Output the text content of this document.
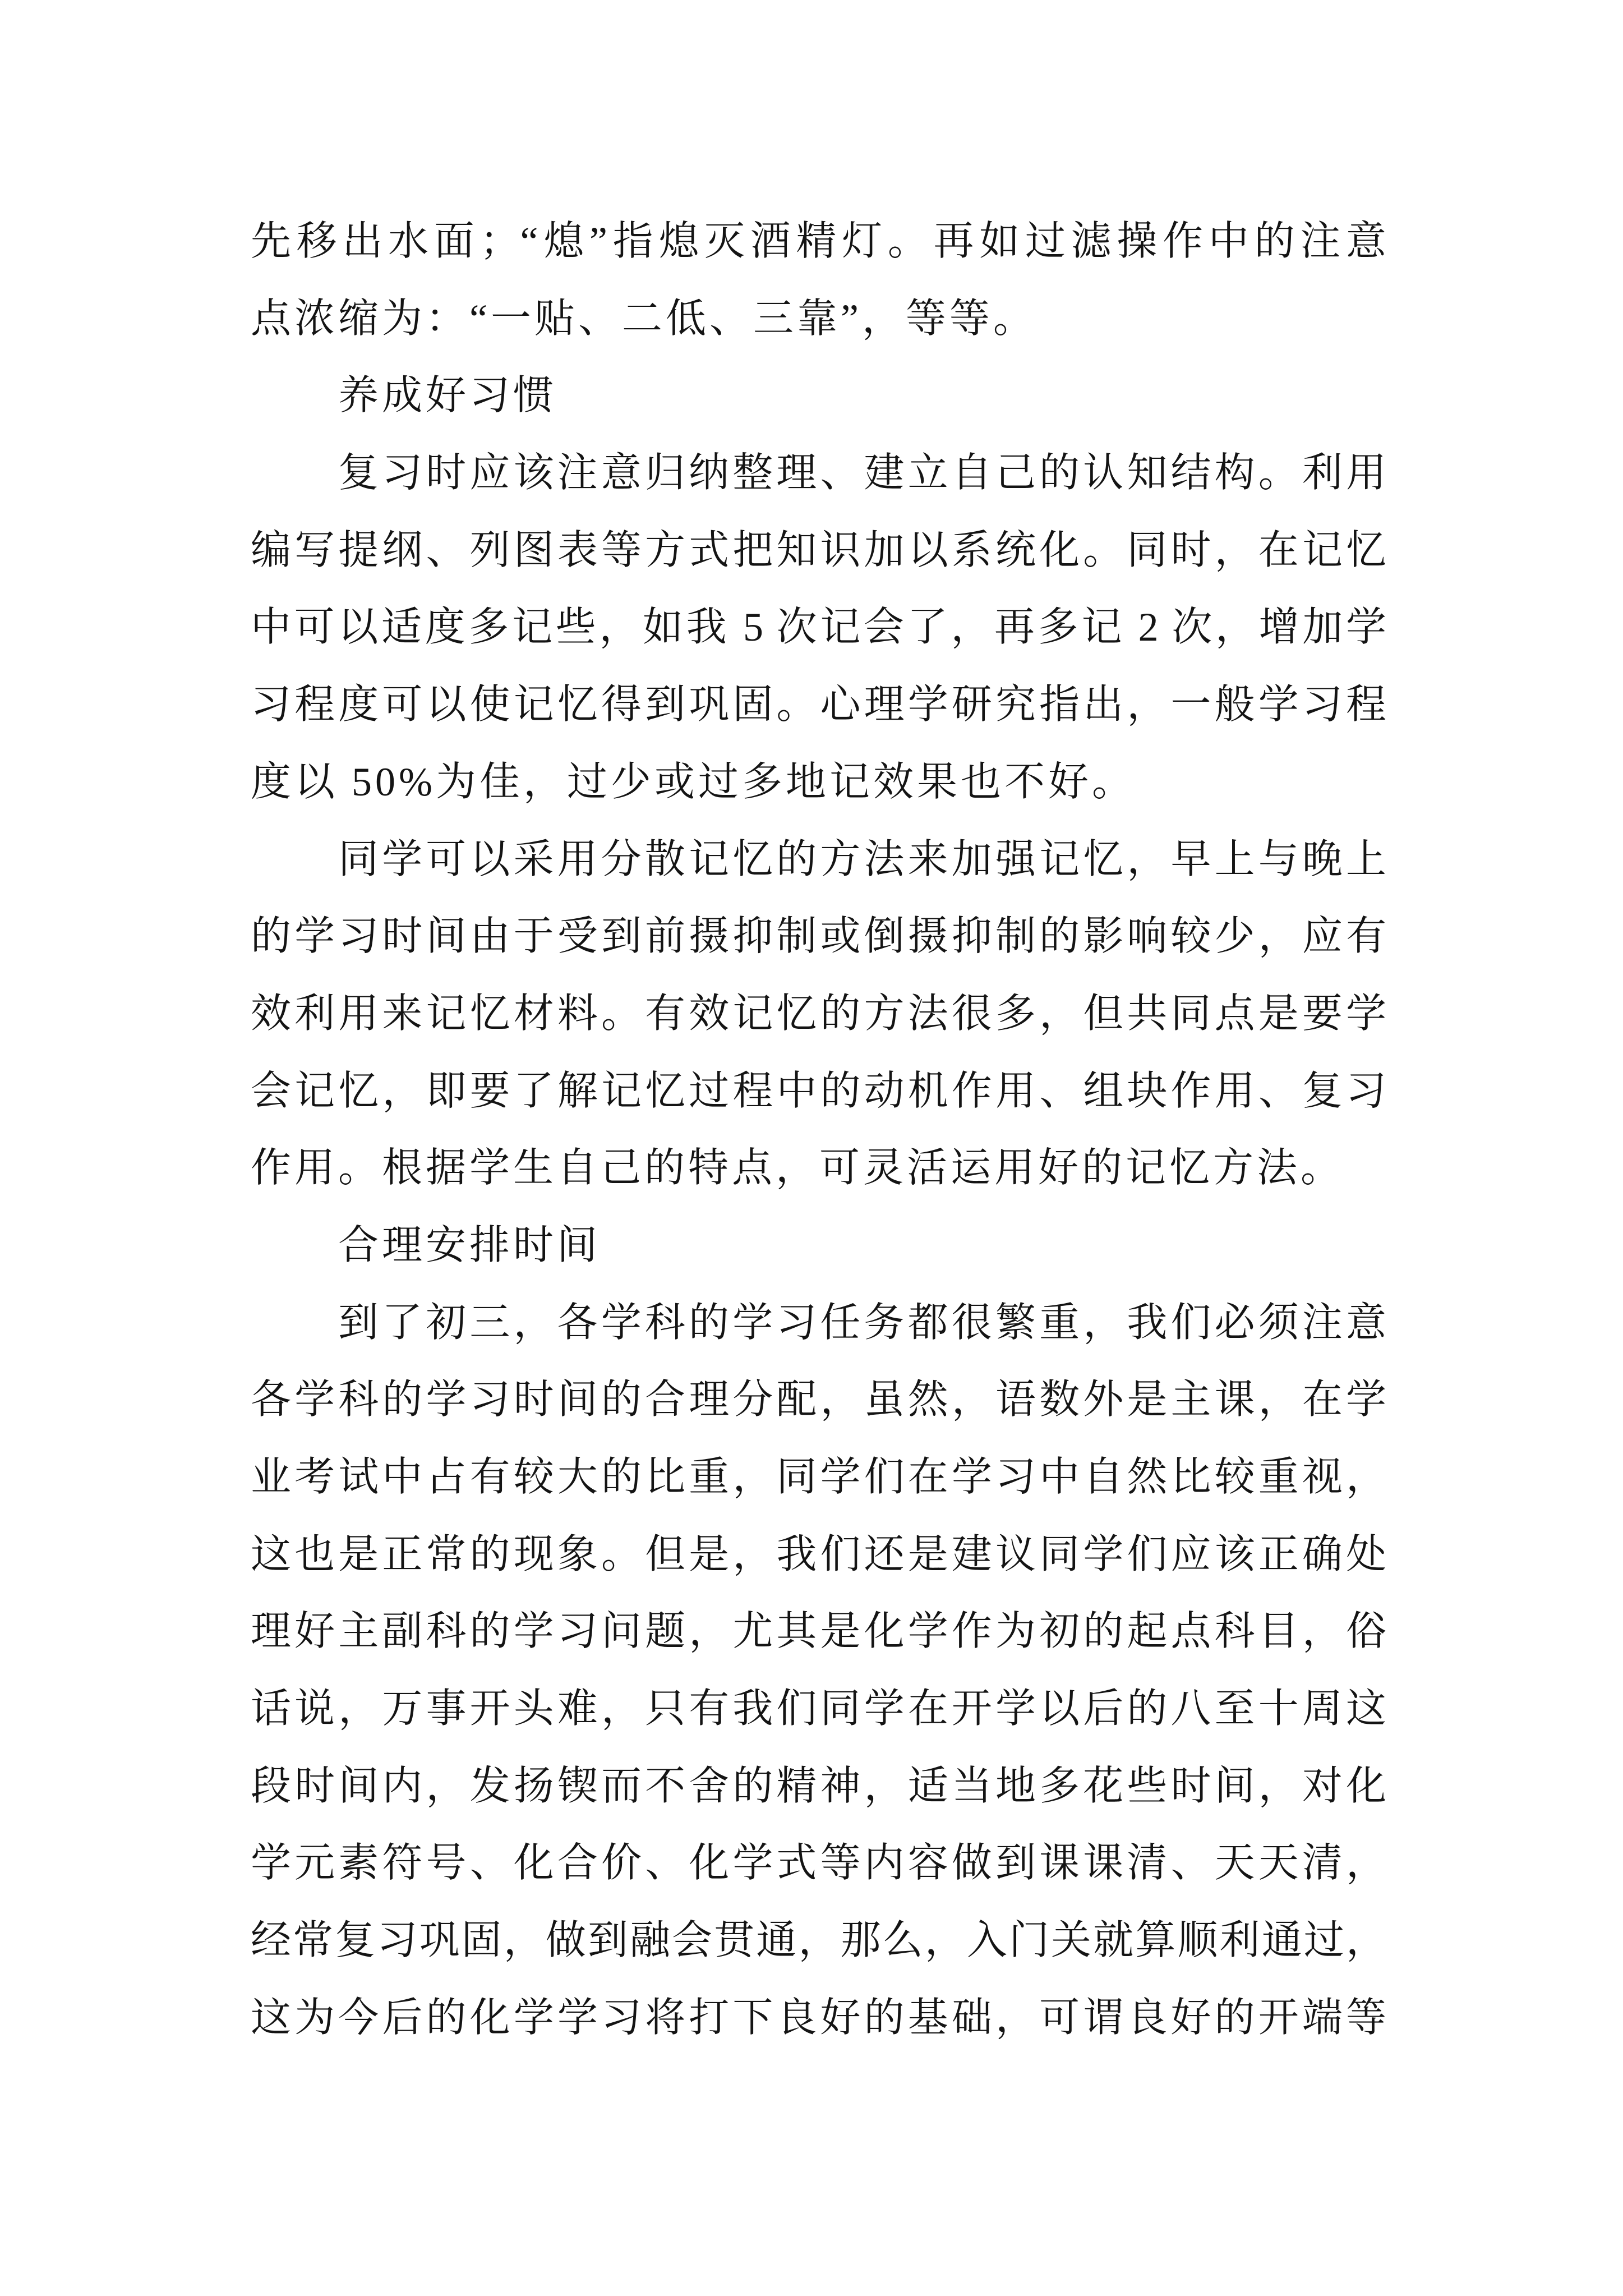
先移出水面；“熄”指熄灭酒精灯。再如过滤操作中的注意
点浓缩为：“一贴、二低、三靠”，等等。
养成好习惯
复习时应该注意归纳整理、建立自己的认知结构。利用
编写提纲、列图表等方式把知识加以系统化。同时，在记忆
中可以适度多记些，如我 5 次记会了，再多记 2 次，增加学
习程度可以使记忆得到巩固。心理学研究指出，一般学习程
度以 50%为佳，过少或过多地记效果也不好。
同学可以采用分散记忆的方法来加强记忆，早上与晚上
的学习时间由于受到前摄抑制或倒摄抑制的影响较少，应有
效利用来记忆材料。有效记忆的方法很多，但共同点是要学
会记忆，即要了解记忆过程中的动机作用、组块作用、复习
作用。根据学生自己的特点，可灵活运用好的记忆方法。
合理安排时间
到了初三，各学科的学习任务都很繁重，我们必须注意
各学科的学习时间的合理分配，虽然，语数外是主课，在学
业考试中占有较大的比重，同学们在学习中自然比较重视，
这也是正常的现象。但是，我们还是建议同学们应该正确处
理好主副科的学习问题，尤其是化学作为初的起点科目，俗
话说，万事开头难，只有我们同学在开学以后的八至十周这
段时间内，发扬锲而不舍的精神，适当地多花些时间，对化
学元素符号、化合价、化学式等内容做到课课清、天天清，
经常复习巩固，做到融会贯通，那么，入门关就算顺利通过，
这为今后的化学学习将打下良好的基础，可谓良好的开端等
